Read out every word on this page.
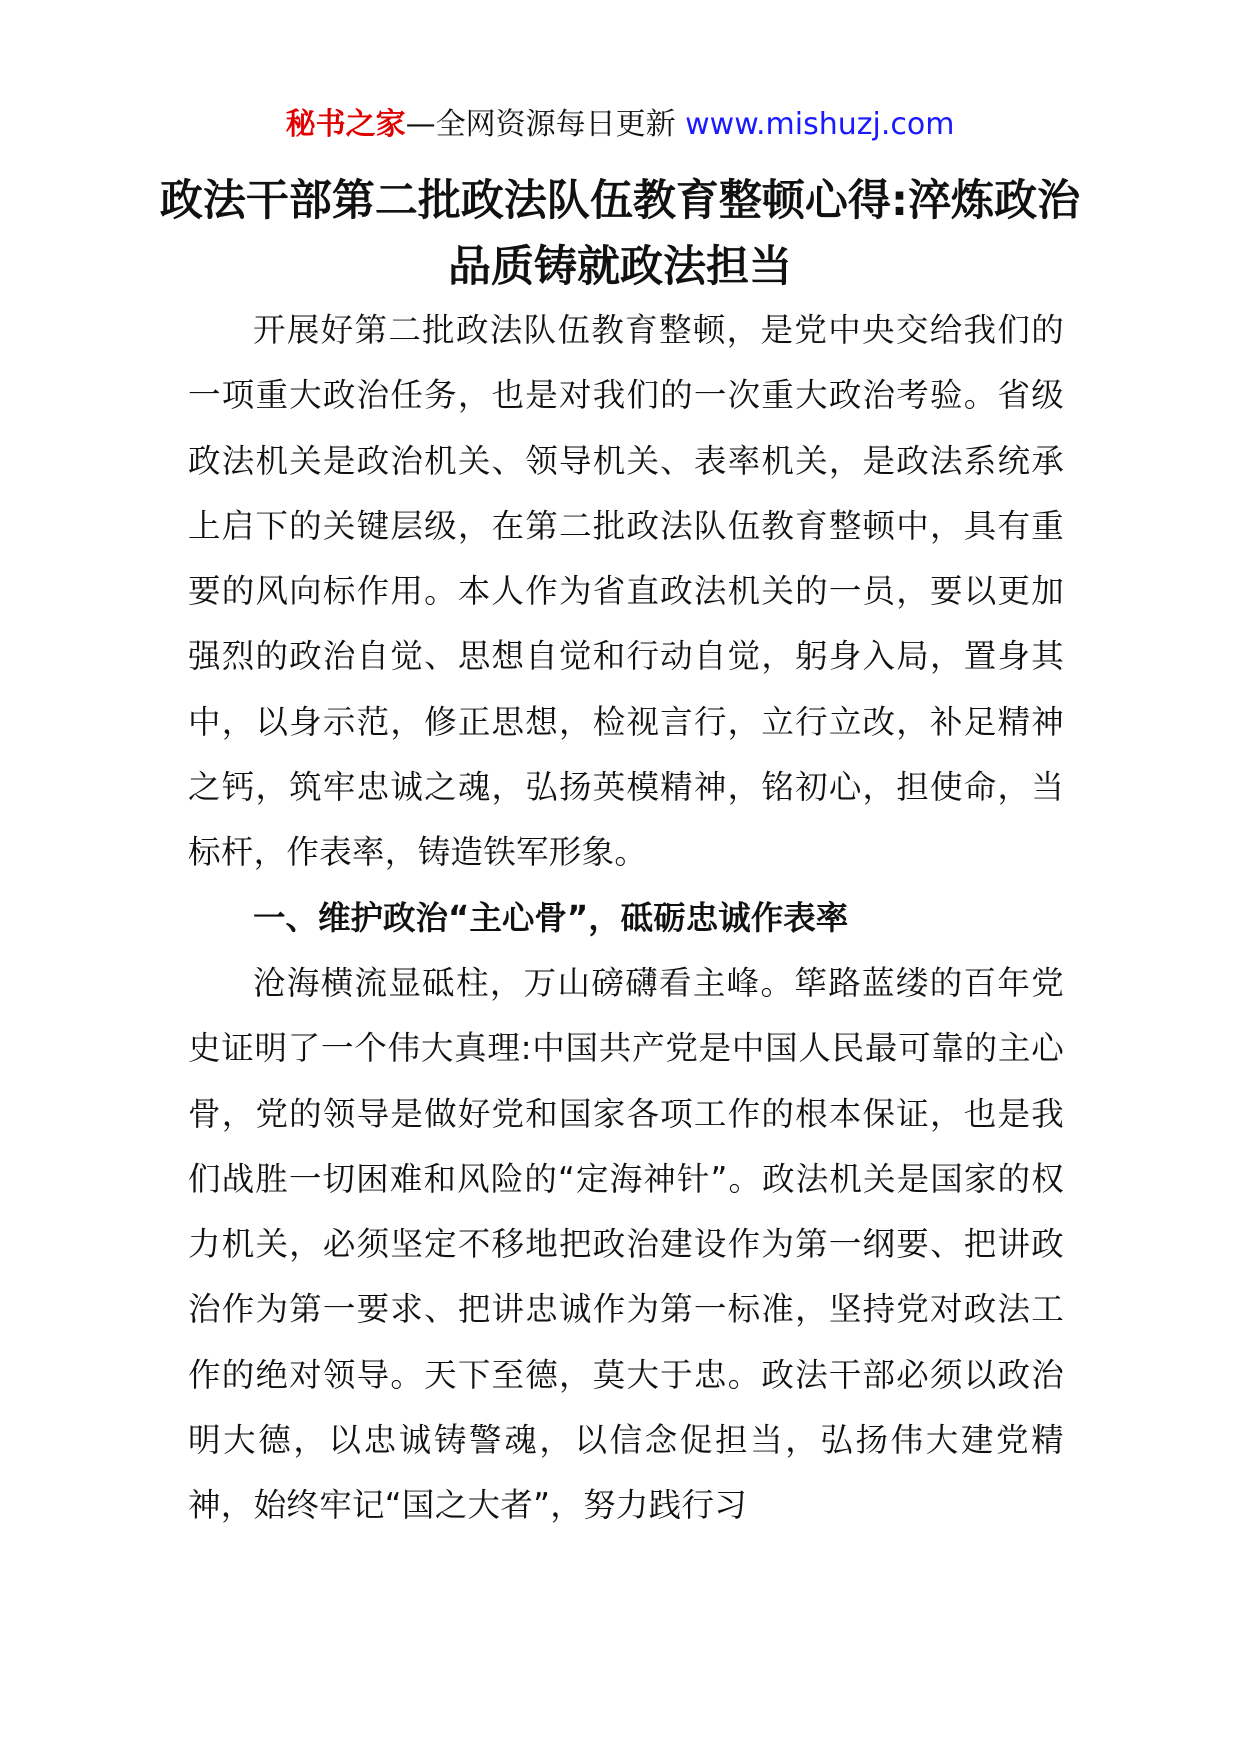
秘书之家—全网资源每日更新 www.mishuzj.com
政法干部第二批政法队伍教育整顿心得:淬炼政治品质铸就政法担当

开展好第二批政法队伍教育整顿，是党中央交给我们的一项重大政治任务，也是对我们的一次重大政治考验。省级政法机关是政治机关、领导机关、表率机关，是政法系统承上启下的关键层级，在第二批政法队伍教育整顿中，具有重要的风向标作用。本人作为省直政法机关的一员，要以更加强烈的政治自觉、思想自觉和行动自觉，躬身入局，置身其中，以身示范，修正思想，检视言行，立行立改，补足精神之钙，筑牢忠诚之魂，弘扬英模精神，铭初心，担使命，当标杆，作表率，铸造铁军形象。

一、维护政治“主心骨”，砥砺忠诚作表率

沧海横流显砥柱，万山磅礴看主峰。筚路蓝缕的百年党史证明了一个伟大真理:中国共产党是中国人民最可靠的主心骨，党的领导是做好党和国家各项工作的根本保证，也是我们战胜一切困难和风险的“定海神针”。政法机关是国家的权力机关，必须坚定不移地把政治建设作为第一纲要、把讲政治作为第一要求、把讲忠诚作为第一标准，坚持党对政法工作的绝对领导。天下至德，莫大于忠。政法干部必须以政治明大德，以忠诚铸警魂，以信念促担当，弘扬伟大建党精神，始终牢记“国之大者”，努力践行习
